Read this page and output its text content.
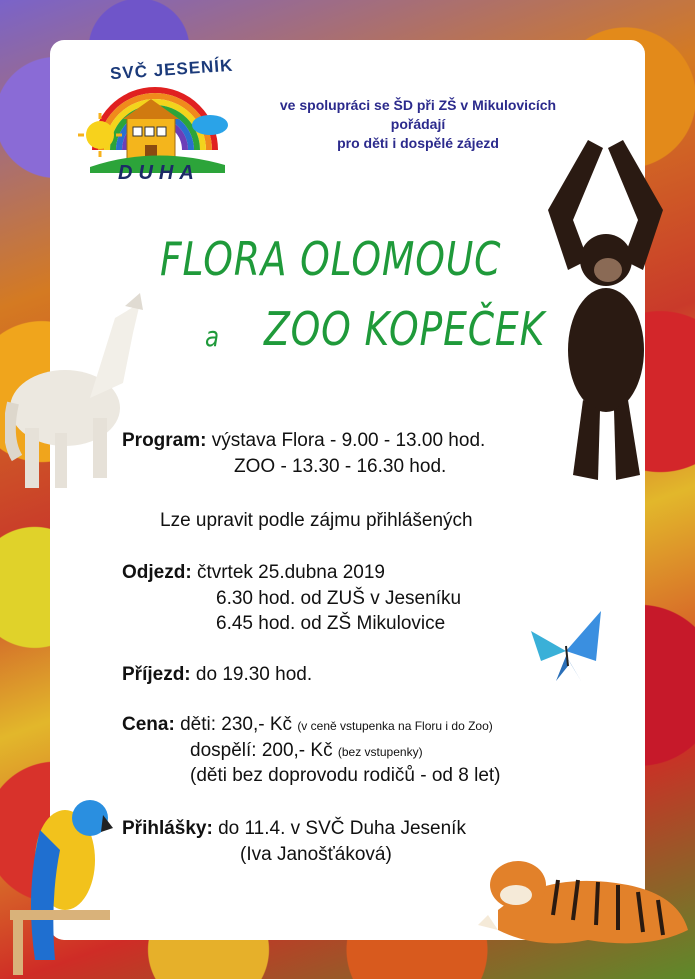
SVČ JESENÍK
DUHA
ve spolupráci se ŠD při ZŠ v Mikulovicích
pořádají
pro děti i dospělé zájezd
FLORA OLOMOUC
a ZOO KOPEČEK
Program: výstava Flora - 9.00 - 13.00 hod.
ZOO - 13.30 - 16.30 hod.
Lze upravit podle zájmu přihlášených
Odjezd: čtvrtek 25.dubna 2019
6.30 hod. od ZUŠ v Jeseníku
6.45 hod. od ZŠ Mikulovice
Příjezd: do 19.30 hod.
Cena: děti: 230,- Kč (v ceně vstupenka na Floru i do Zoo)
dospělí: 200,- Kč (bez vstupenky)
(děti bez doprovodu rodičů - od 8 let)
Přihlášky: do 11.4. v SVČ Duha Jeseník
(Iva Janošťáková)
